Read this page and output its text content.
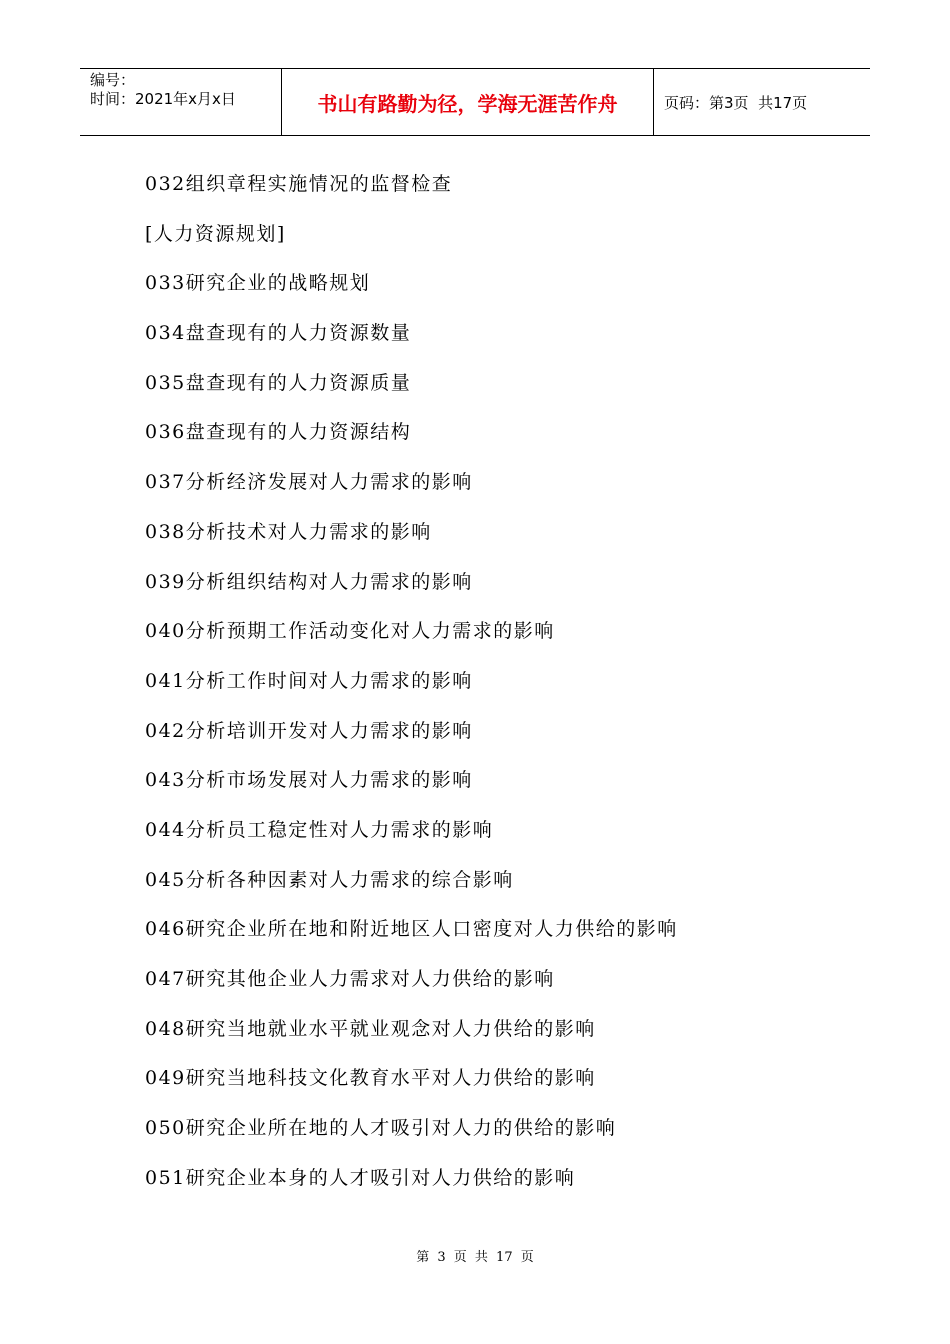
编号：
时间：2021年x月x日	书山有路勤为径，学海无涯苦作舟	页码：第3页  共17页
032组织章程实施情况的监督检查
[人力资源规划]
033研究企业的战略规划
034盘查现有的人力资源数量
035盘查现有的人力资源质量
036盘查现有的人力资源结构
037分析经济发展对人力需求的影响
038分析技术对人力需求的影响
039分析组织结构对人力需求的影响
040分析预期工作活动变化对人力需求的影响
041分析工作时间对人力需求的影响
042分析培训开发对人力需求的影响
043分析市场发展对人力需求的影响
044分析员工稳定性对人力需求的影响
045分析各种因素对人力需求的综合影响
046研究企业所在地和附近地区人口密度对人力供给的影响
047研究其他企业人力需求对人力供给的影响
048研究当地就业水平就业观念对人力供给的影响
049研究当地科技文化教育水平对人力供给的影响
050研究企业所在地的人才吸引对人力的供给的影响
051研究企业本身的人才吸引对人力供给的影响
第 3 页 共 17 页
